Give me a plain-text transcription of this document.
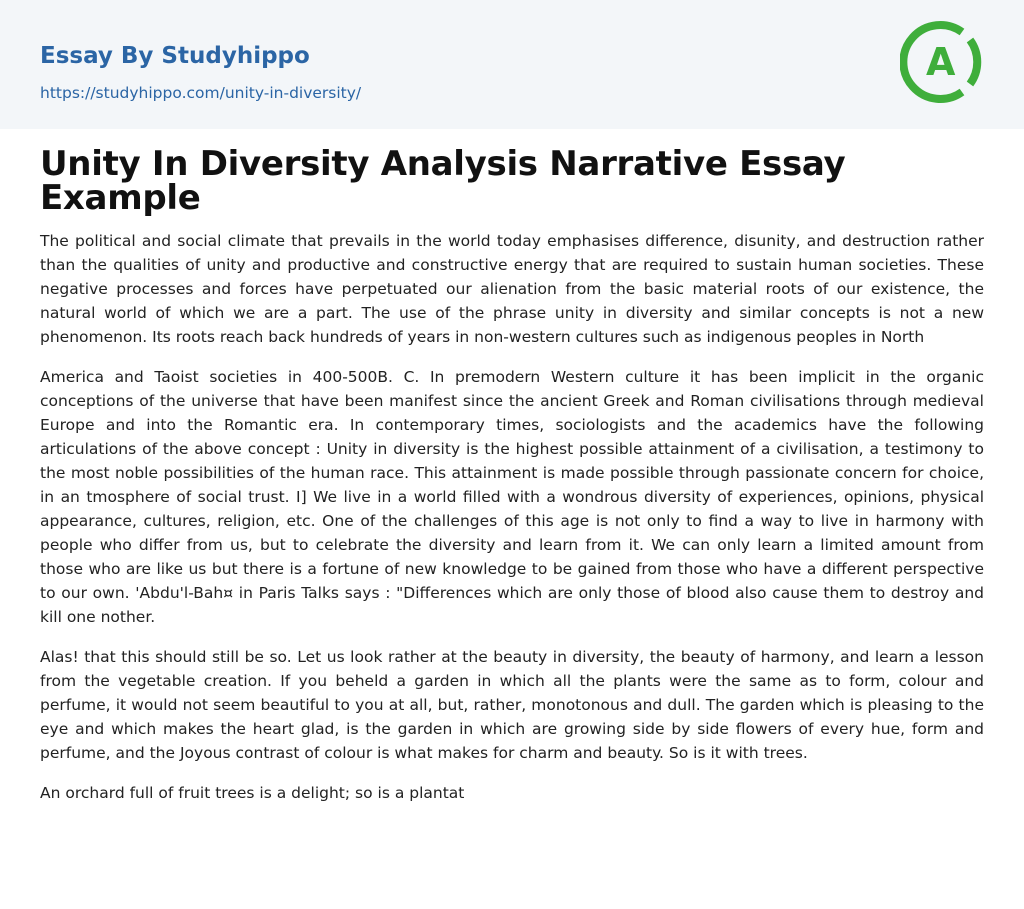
Essay By Studyhippo
https://studyhippo.com/unity-in-diversity/
A
Unity In Diversity Analysis Narrative Essay Example

The political and social climate that prevails in the world today emphasises difference, disunity, and destruction rather than the qualities of unity and productive and constructive energy that are required to sustain human societies. These negative processes and forces have perpetuated our alienation from the basic material roots of our existence, the natural world of which we are a part. The use of the phrase unity in diversity and similar concepts is not a new phenomenon. Its roots reach back hundreds of years in non-western cultures such as indigenous peoples in North

America and Taoist societies in 400-500B. C. In premodern Western culture it has been implicit in the organic conceptions of the universe that have been manifest since the ancient Greek and Roman civilisations through medieval Europe and into the Romantic era. In contemporary times, sociologists and the academics have the following articulations of the above concept : Unity in diversity is the highest possible attainment of a civilisation, a testimony to the most noble possibilities of the human race. This attainment is made possible through passionate concern for choice, in an tmosphere of social trust. I] We live in a world filled with a wondrous diversity of experiences, opinions, physical appearance, cultures, religion, etc. One of the challenges of this age is not only to find a way to live in harmony with people who differ from us, but to celebrate the diversity and learn from it. We can only learn a limited amount from those who are like us but there is a fortune of new knowledge to be gained from those who have a different perspective to our own. 'Abdu'l-Bah¤ in Paris Talks says : "Differences which are only those of blood also cause them to destroy and kill one nother.

Alas! that this should still be so. Let us look rather at the beauty in diversity, the beauty of harmony, and learn a lesson from the vegetable creation. If you beheld a garden in which all the plants were the same as to form, colour and perfume, it would not seem beautiful to you at all, but, rather, monotonous and dull. The garden which is pleasing to the eye and which makes the heart glad, is the garden in which are growing side by side flowers of every hue, form and perfume, and the Joyous contrast of colour is what makes for charm and beauty. So is it with trees.

An orchard full of fruit trees is a delight; so is a plantat
